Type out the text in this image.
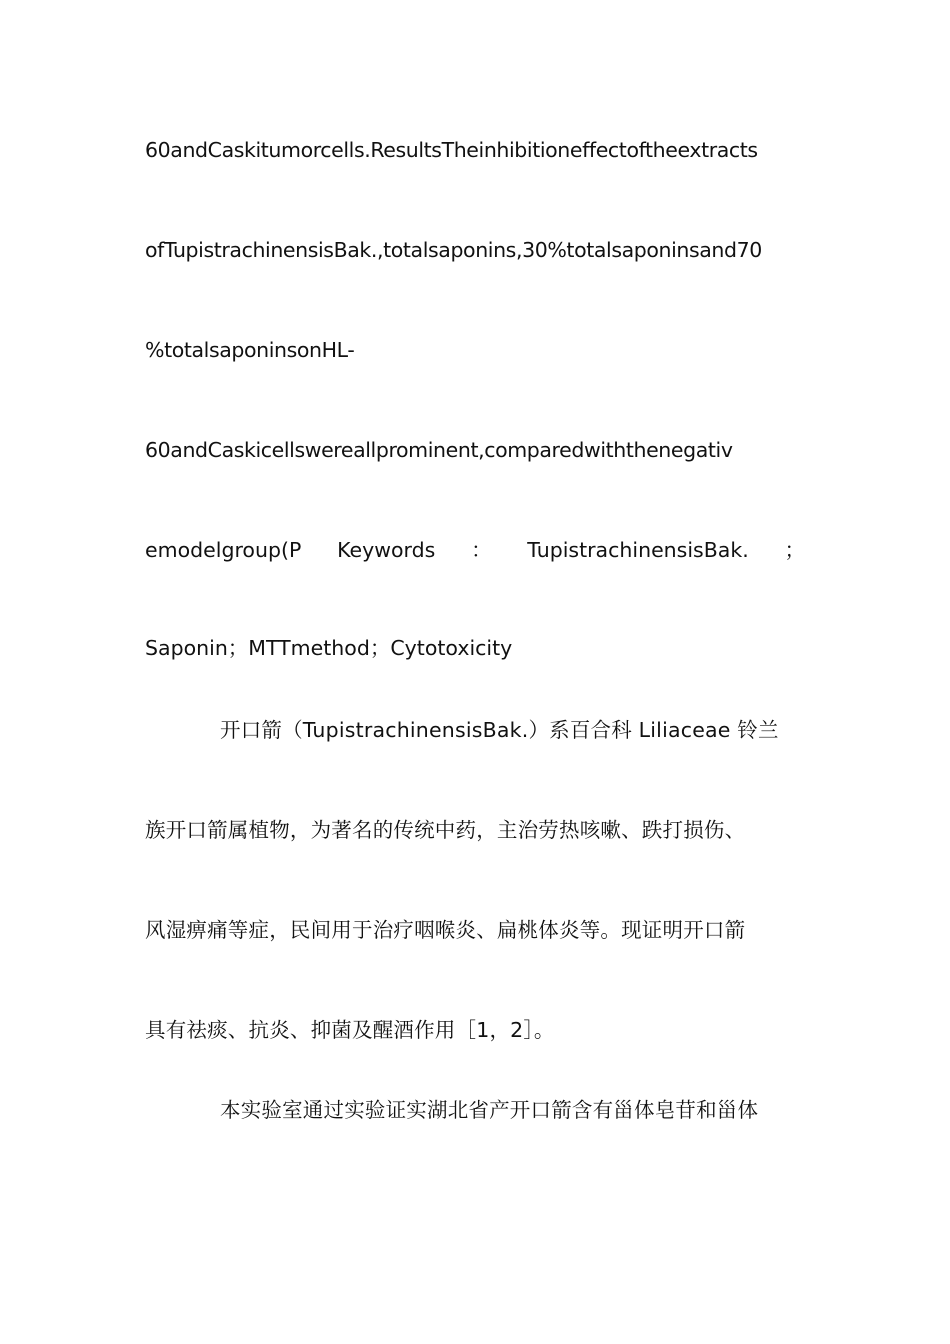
60andCaskitumorcells.ResultsTheinhibitioneffectoftheextracts
ofTupistrachinensisBak.,totalsaponins,30%totalsaponinsand70
%totalsaponinsonHL-
60andCaskicellswereallprominent,comparedwiththenegativ
emodelgroup(P Keywords ： TupistrachinensisBak. ；
Saponin；MTTmethod；Cytotoxicity
开口箭（TupistrachinensisBak.）系百合科 Liliaceae 铃兰
族开口箭属植物，为著名的传统中药，主治劳热咳嗽、跌打损伤、
风湿痹痛等症，民间用于治疗咽喉炎、扁桃体炎等。现证明开口箭
具有祛痰、抗炎、抑菌及醒酒作用［1，2］。
本实验室通过实验证实湖北省产开口箭含有甾体皂苷和甾体
